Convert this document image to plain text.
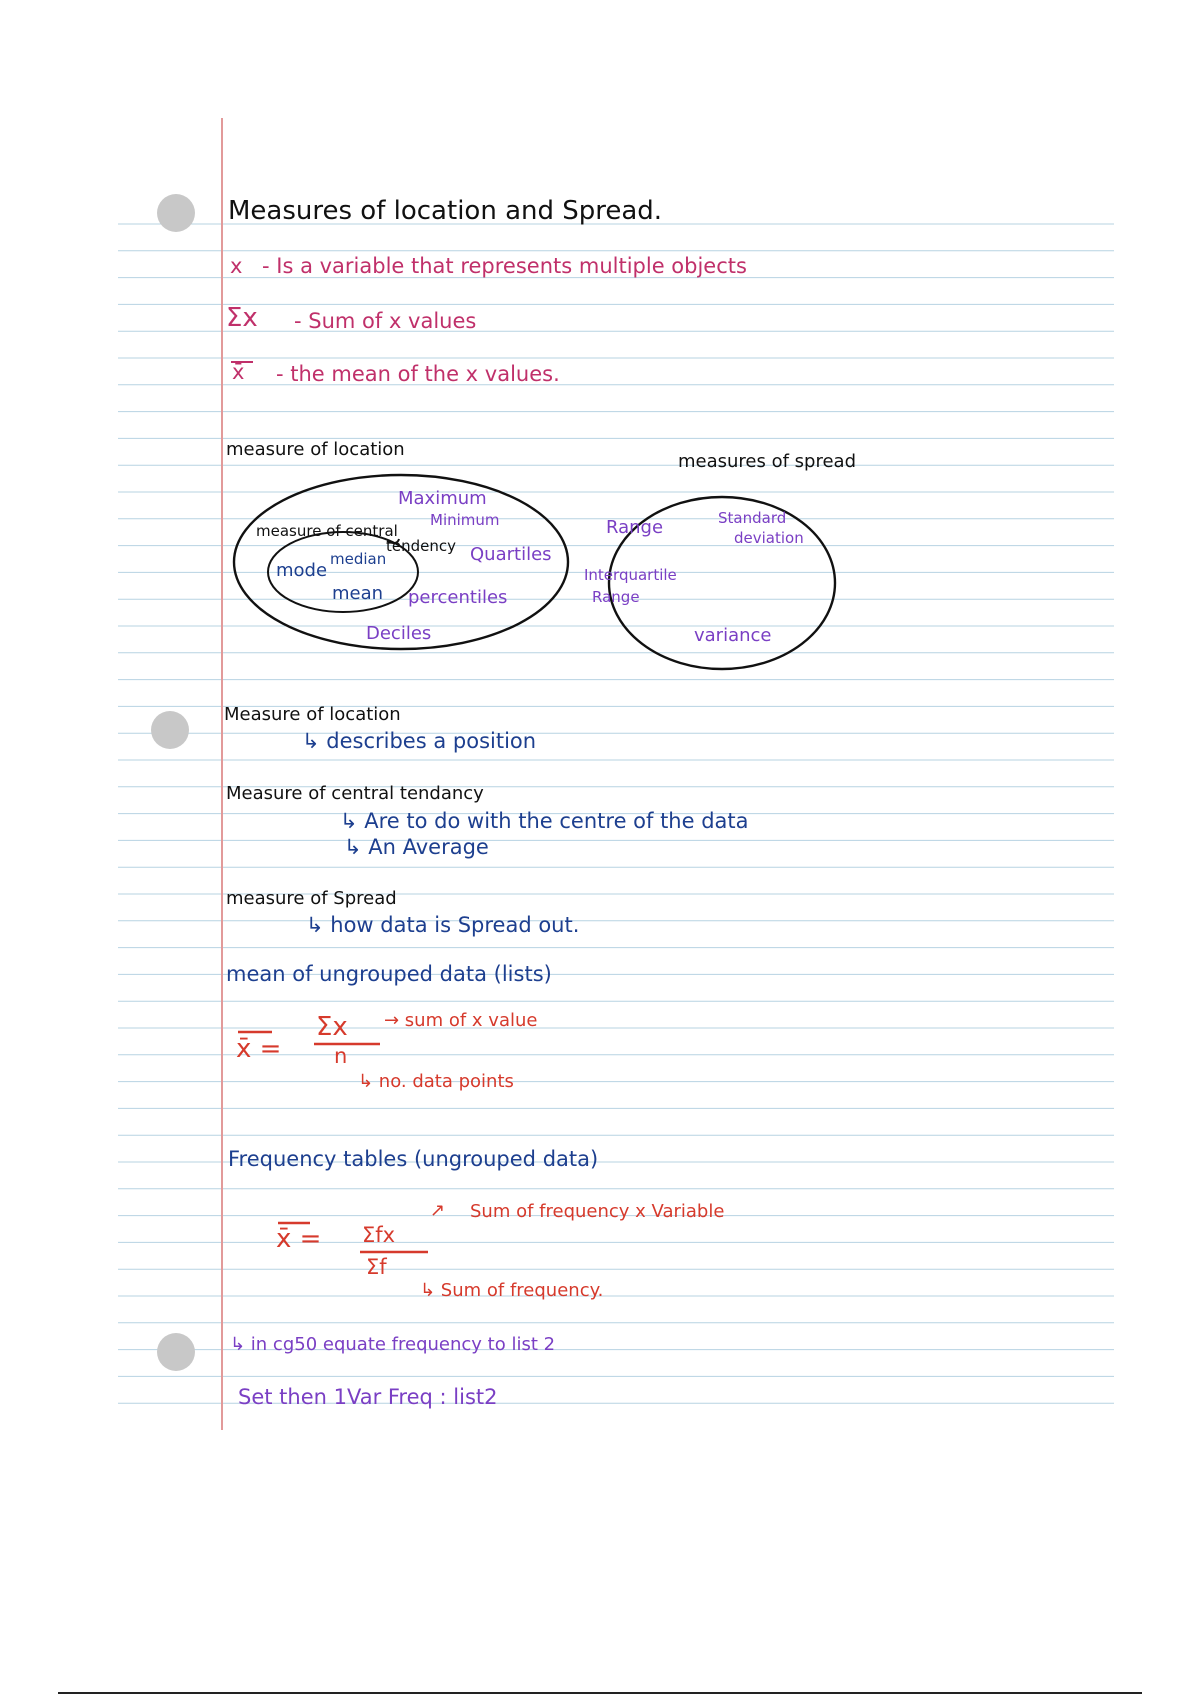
Measures of location and Spread.
x - Is a variable that represents multiple objects
Σx - Sum of x values
x̄ - the mean of the x values.
measure of location
measures of spread
Maximum
Minimum
measure of central
tendency
mode
median
mean
Quartiles
percentiles
Deciles
Range	Standard
deviation
Interquartile
Range
variance
Measure of location
↳ describes a position
Measure of central tendancy
↳ Are to do with the centre of the data
↳ An Average
measure of Spread
↳ how data is Spread out.
mean of ungrouped data (lists)
x̄ =
Σx
n
→ sum of x value
↳ no. data points
Frequency tables (ungrouped data)
x̄ = Σfx
Σf
↗ Sum of frequency x Variable
↳ Sum of frequency.
↳ in cg50 equate frequency to list 2
Set then 1Var Freq : list2
